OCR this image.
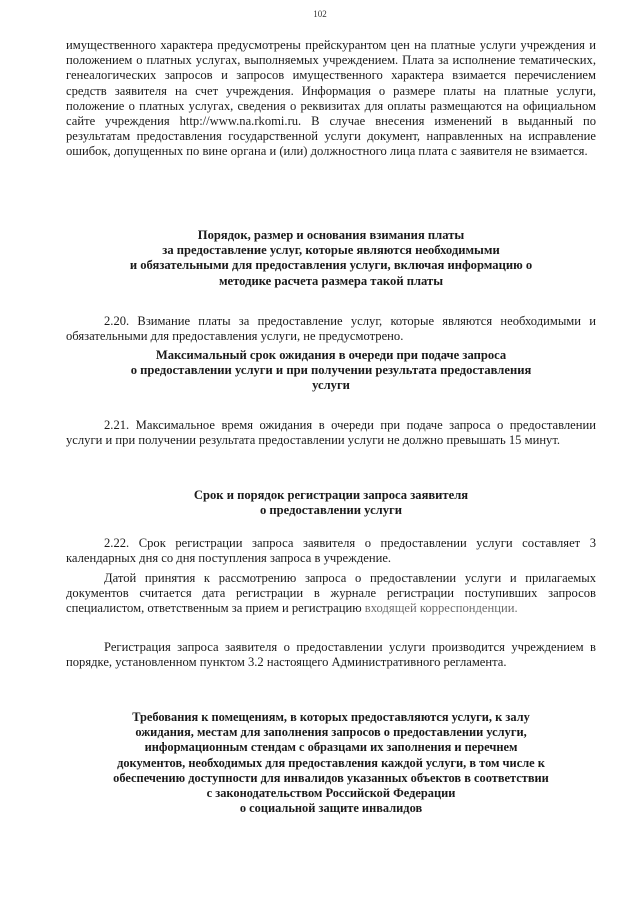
102

имущественного характера предусмотрены прейскурантом цен на платные услуги учреждения и положением о платных услугах, выполняемых учреждением. Плата за исполнение тематических, генеалогических запросов и запросов имущественного характера взимается перечислением средств заявителя на счет учреждения. Информация о размере платы на платные услуги, положение о платных услугах, сведения о реквизитах для оплаты размещаются на официальном сайте учреждения http://www.na.rkomi.ru. В случае внесения изменений в выданный по результатам предоставления государственной услуги документ, направленных на исправление ошибок, допущенных по вине органа и (или) должностного лица плата с заявителя не взимается.

Порядок, размер и основания взимания платы
за предоставление услуг, которые являются необходимыми
и обязательными для предоставления услуги, включая информацию о
методике расчета размера такой платы

2.20. Взимание платы за предоставление услуг, которые являются необходимыми и обязательными для предоставления услуги, не предусмотрено.

Максимальный срок ожидания в очереди при подаче запроса
о предоставлении услуги и при получении результата предоставления
услуги

2.21. Максимальное время ожидания в очереди при подаче запроса о предоставлении услуги и при получении результата предоставлении услуги не должно превышать 15 минут.

Срок и порядок регистрации запроса заявителя
о предоставлении услуги

2.22. Срок регистрации запроса заявителя о предоставлении услуги составляет 3 календарных дня со дня поступления запроса в учреждение.

Датой принятия к рассмотрению запроса о предоставлении услуги и прилагаемых документов считается дата регистрации в журнале регистрации поступивших запросов специалистом, ответственным за прием и регистрацию входящей корреспонденции.

Регистрация запроса заявителя о предоставлении услуги производится учреждением в порядке, установленном пунктом 3.2 настоящего Административного регламента.

Требования к помещениям, в которых предоставляются услуги, к залу
ожидания, местам для заполнения запросов о предоставлении услуги,
информационным стендам с образцами их заполнения и перечнем
документов, необходимых для предоставления каждой услуги, в том числе к
обеспечению доступности для инвалидов указанных объектов в соответствии
с законодательством Российской Федерации
о социальной защите инвалидов
